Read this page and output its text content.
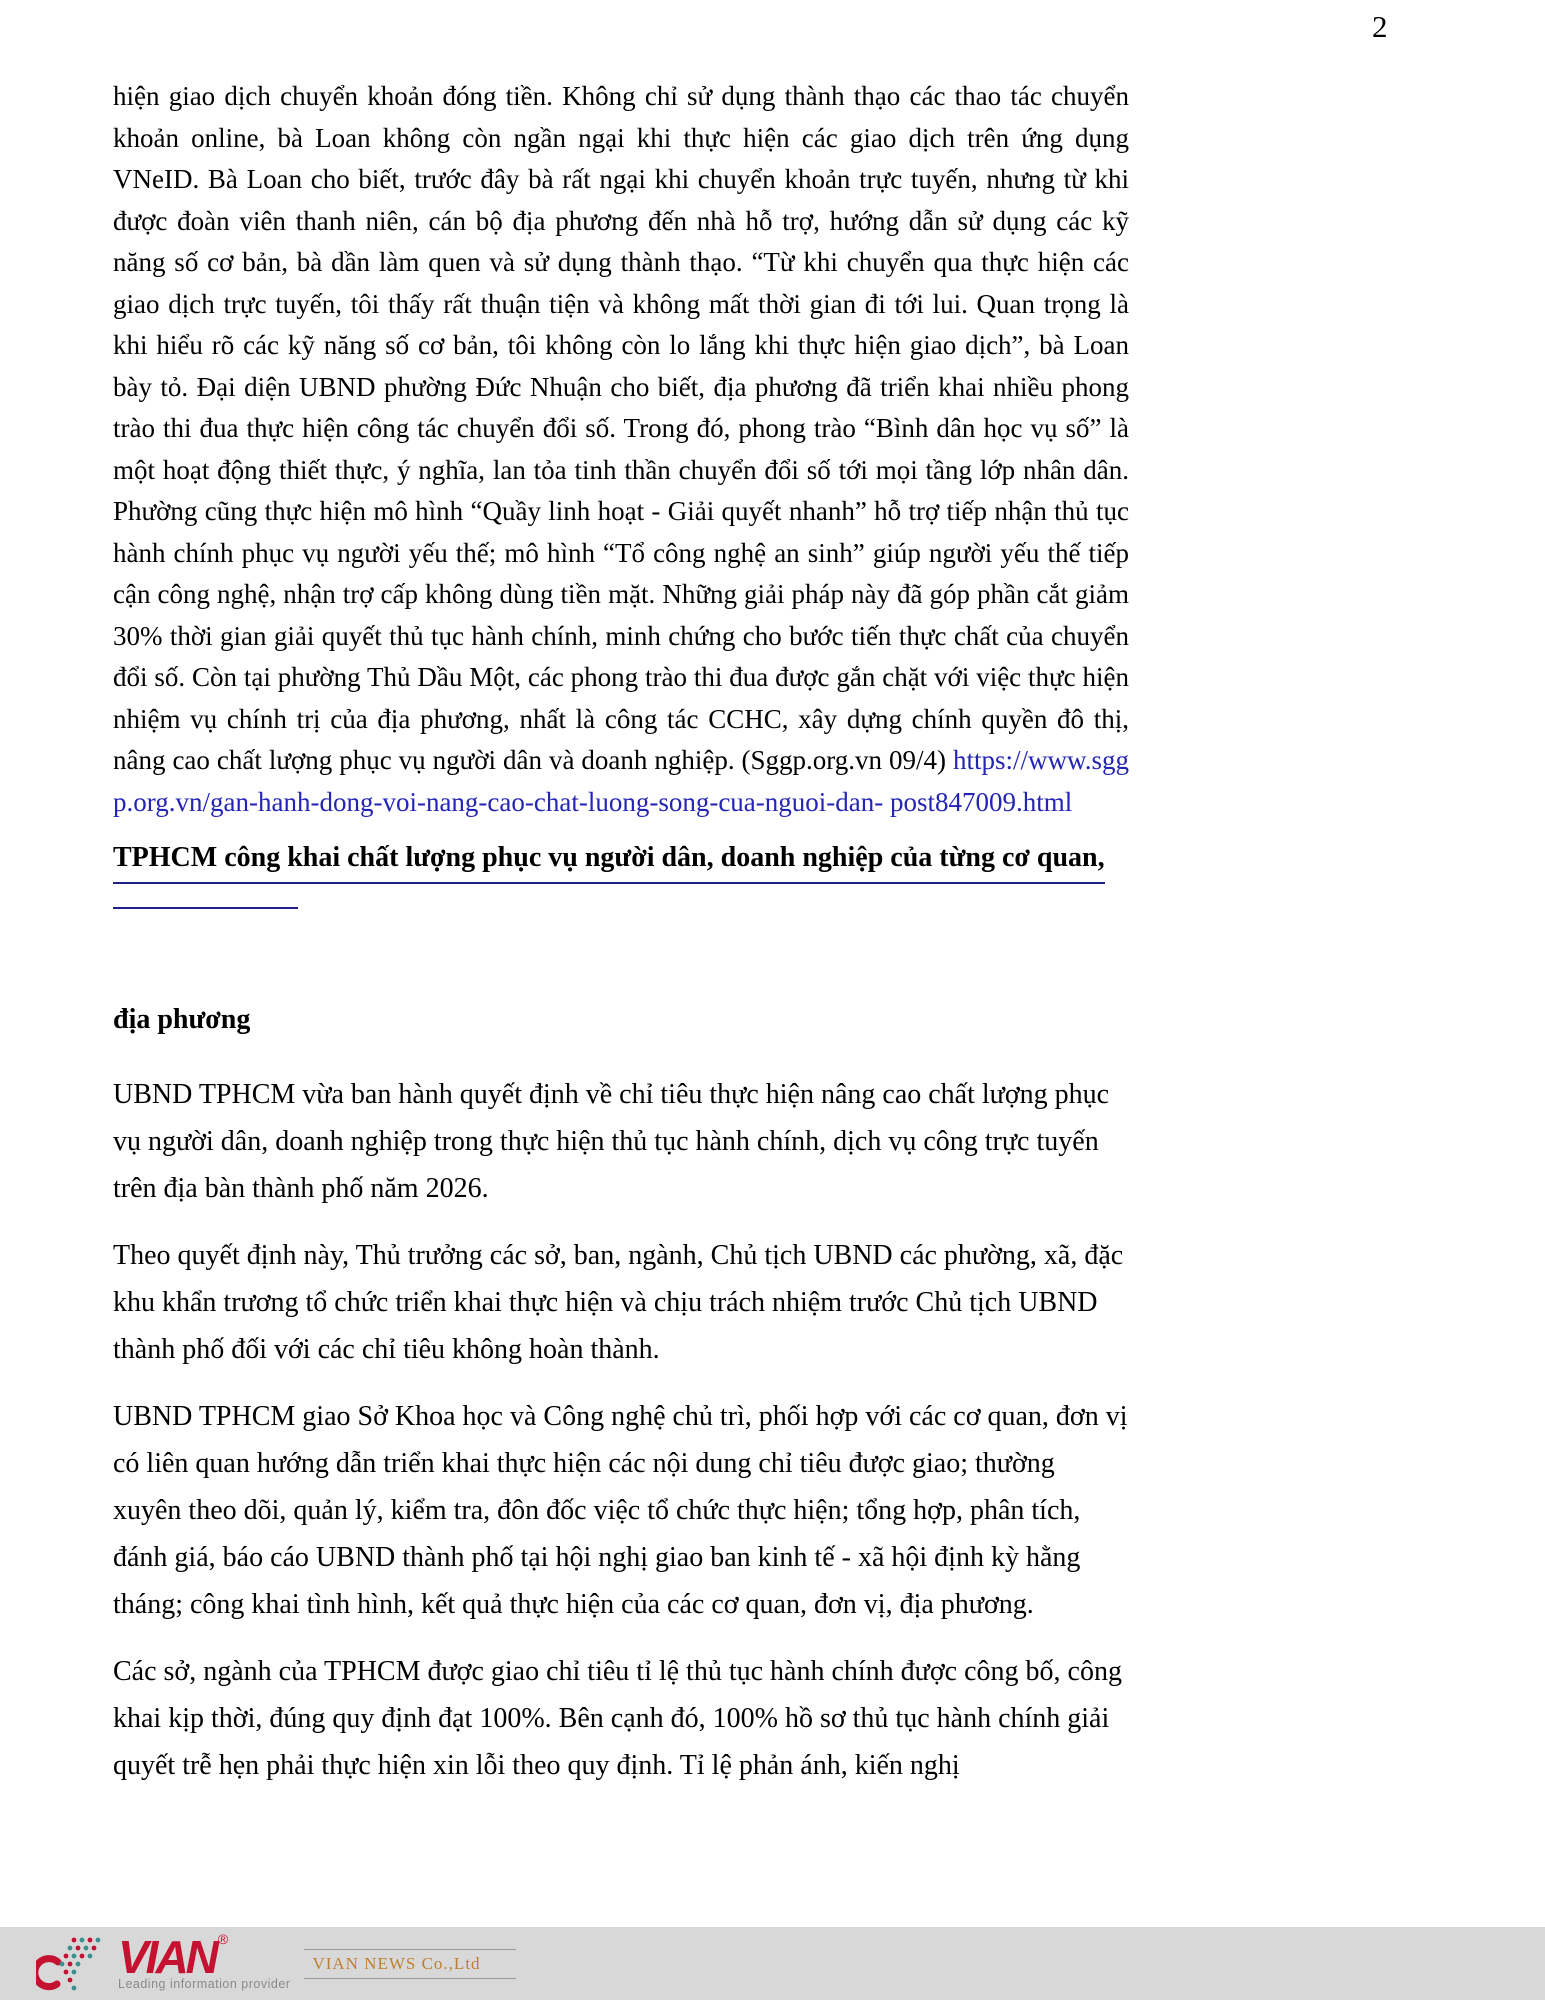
2

hiện giao dịch chuyển khoản đóng tiền. Không chỉ sử dụng thành thạo các thao tác chuyển khoản online, bà Loan không còn ngần ngại khi thực hiện các giao dịch trên ứng dụng VNeID. Bà Loan cho biết, trước đây bà rất ngại khi chuyển khoản trực tuyến, nhưng từ khi được đoàn viên thanh niên, cán bộ địa phương đến nhà hỗ trợ, hướng dẫn sử dụng các kỹ năng số cơ bản, bà dần làm quen và sử dụng thành thạo. “Từ khi chuyển qua thực hiện các giao dịch trực tuyến, tôi thấy rất thuận tiện và không mất thời gian đi tới lui. Quan trọng là khi hiểu rõ các kỹ năng số cơ bản, tôi không còn lo lắng khi thực hiện giao dịch”, bà Loan bày tỏ. Đại diện UBND phường Đức Nhuận cho biết, địa phương đã triển khai nhiều phong trào thi đua thực hiện công tác chuyển đổi số. Trong đó, phong trào “Bình dân học vụ số” là một hoạt động thiết thực, ý nghĩa, lan tỏa tinh thần chuyển đổi số tới mọi tầng lớp nhân dân. Phường cũng thực hiện mô hình “Quầy linh hoạt - Giải quyết nhanh” hỗ trợ tiếp nhận thủ tục hành chính phục vụ người yếu thế; mô hình “Tổ công nghệ an sinh” giúp người yếu thế tiếp cận công nghệ, nhận trợ cấp không dùng tiền mặt. Những giải pháp này đã góp phần cắt giảm 30% thời gian giải quyết thủ tục hành chính, minh chứng cho bước tiến thực chất của chuyển đổi số. Còn tại phường Thủ Dầu Một, các phong trào thi đua được gắn chặt với việc thực hiện nhiệm vụ chính trị của địa phương, nhất là công tác CCHC, xây dựng chính quyền đô thị, nâng cao chất lượng phục vụ người dân và doanh nghiệp. (Sggp.org.vn 09/4) https://www.sggp.org.vn/gan-hanh-dong-voi-nang-cao-chat-luong-song-cua-nguoi-dan- post847009.html

TPHCM công khai chất lượng phục vụ người dân, doanh nghiệp của từng cơ quan,

địa phương

UBND TPHCM vừa ban hành quyết định về chỉ tiêu thực hiện nâng cao chất lượng phục vụ người dân, doanh nghiệp trong thực hiện thủ tục hành chính, dịch vụ công trực tuyến trên địa bàn thành phố năm 2026.

Theo quyết định này, Thủ trưởng các sở, ban, ngành, Chủ tịch UBND các phường, xã, đặc khu khẩn trương tổ chức triển khai thực hiện và chịu trách nhiệm trước Chủ tịch UBND thành phố đối với các chỉ tiêu không hoàn thành.

UBND TPHCM giao Sở Khoa học và Công nghệ chủ trì, phối hợp với các cơ quan, đơn vị có liên quan hướng dẫn triển khai thực hiện các nội dung chỉ tiêu được giao; thường xuyên theo dõi, quản lý, kiểm tra, đôn đốc việc tổ chức thực hiện; tổng hợp, phân tích, đánh giá, báo cáo UBND thành phố tại hội nghị giao ban kinh tế - xã hội định kỳ hằng tháng; công khai tình hình, kết quả thực hiện của các cơ quan, đơn vị, địa phương.

Các sở, ngành của TPHCM được giao chỉ tiêu tỉ lệ thủ tục hành chính được công bố, công khai kịp thời, đúng quy định đạt 100%. Bên cạnh đó, 100% hồ sơ thủ tục hành chính giải quyết trễ hẹn phải thực hiện xin lỗi theo quy định. Tỉ lệ phản ánh, kiến nghị

VIAN ®
Leading information provider
VIAN NEWS Co.,Ltd
